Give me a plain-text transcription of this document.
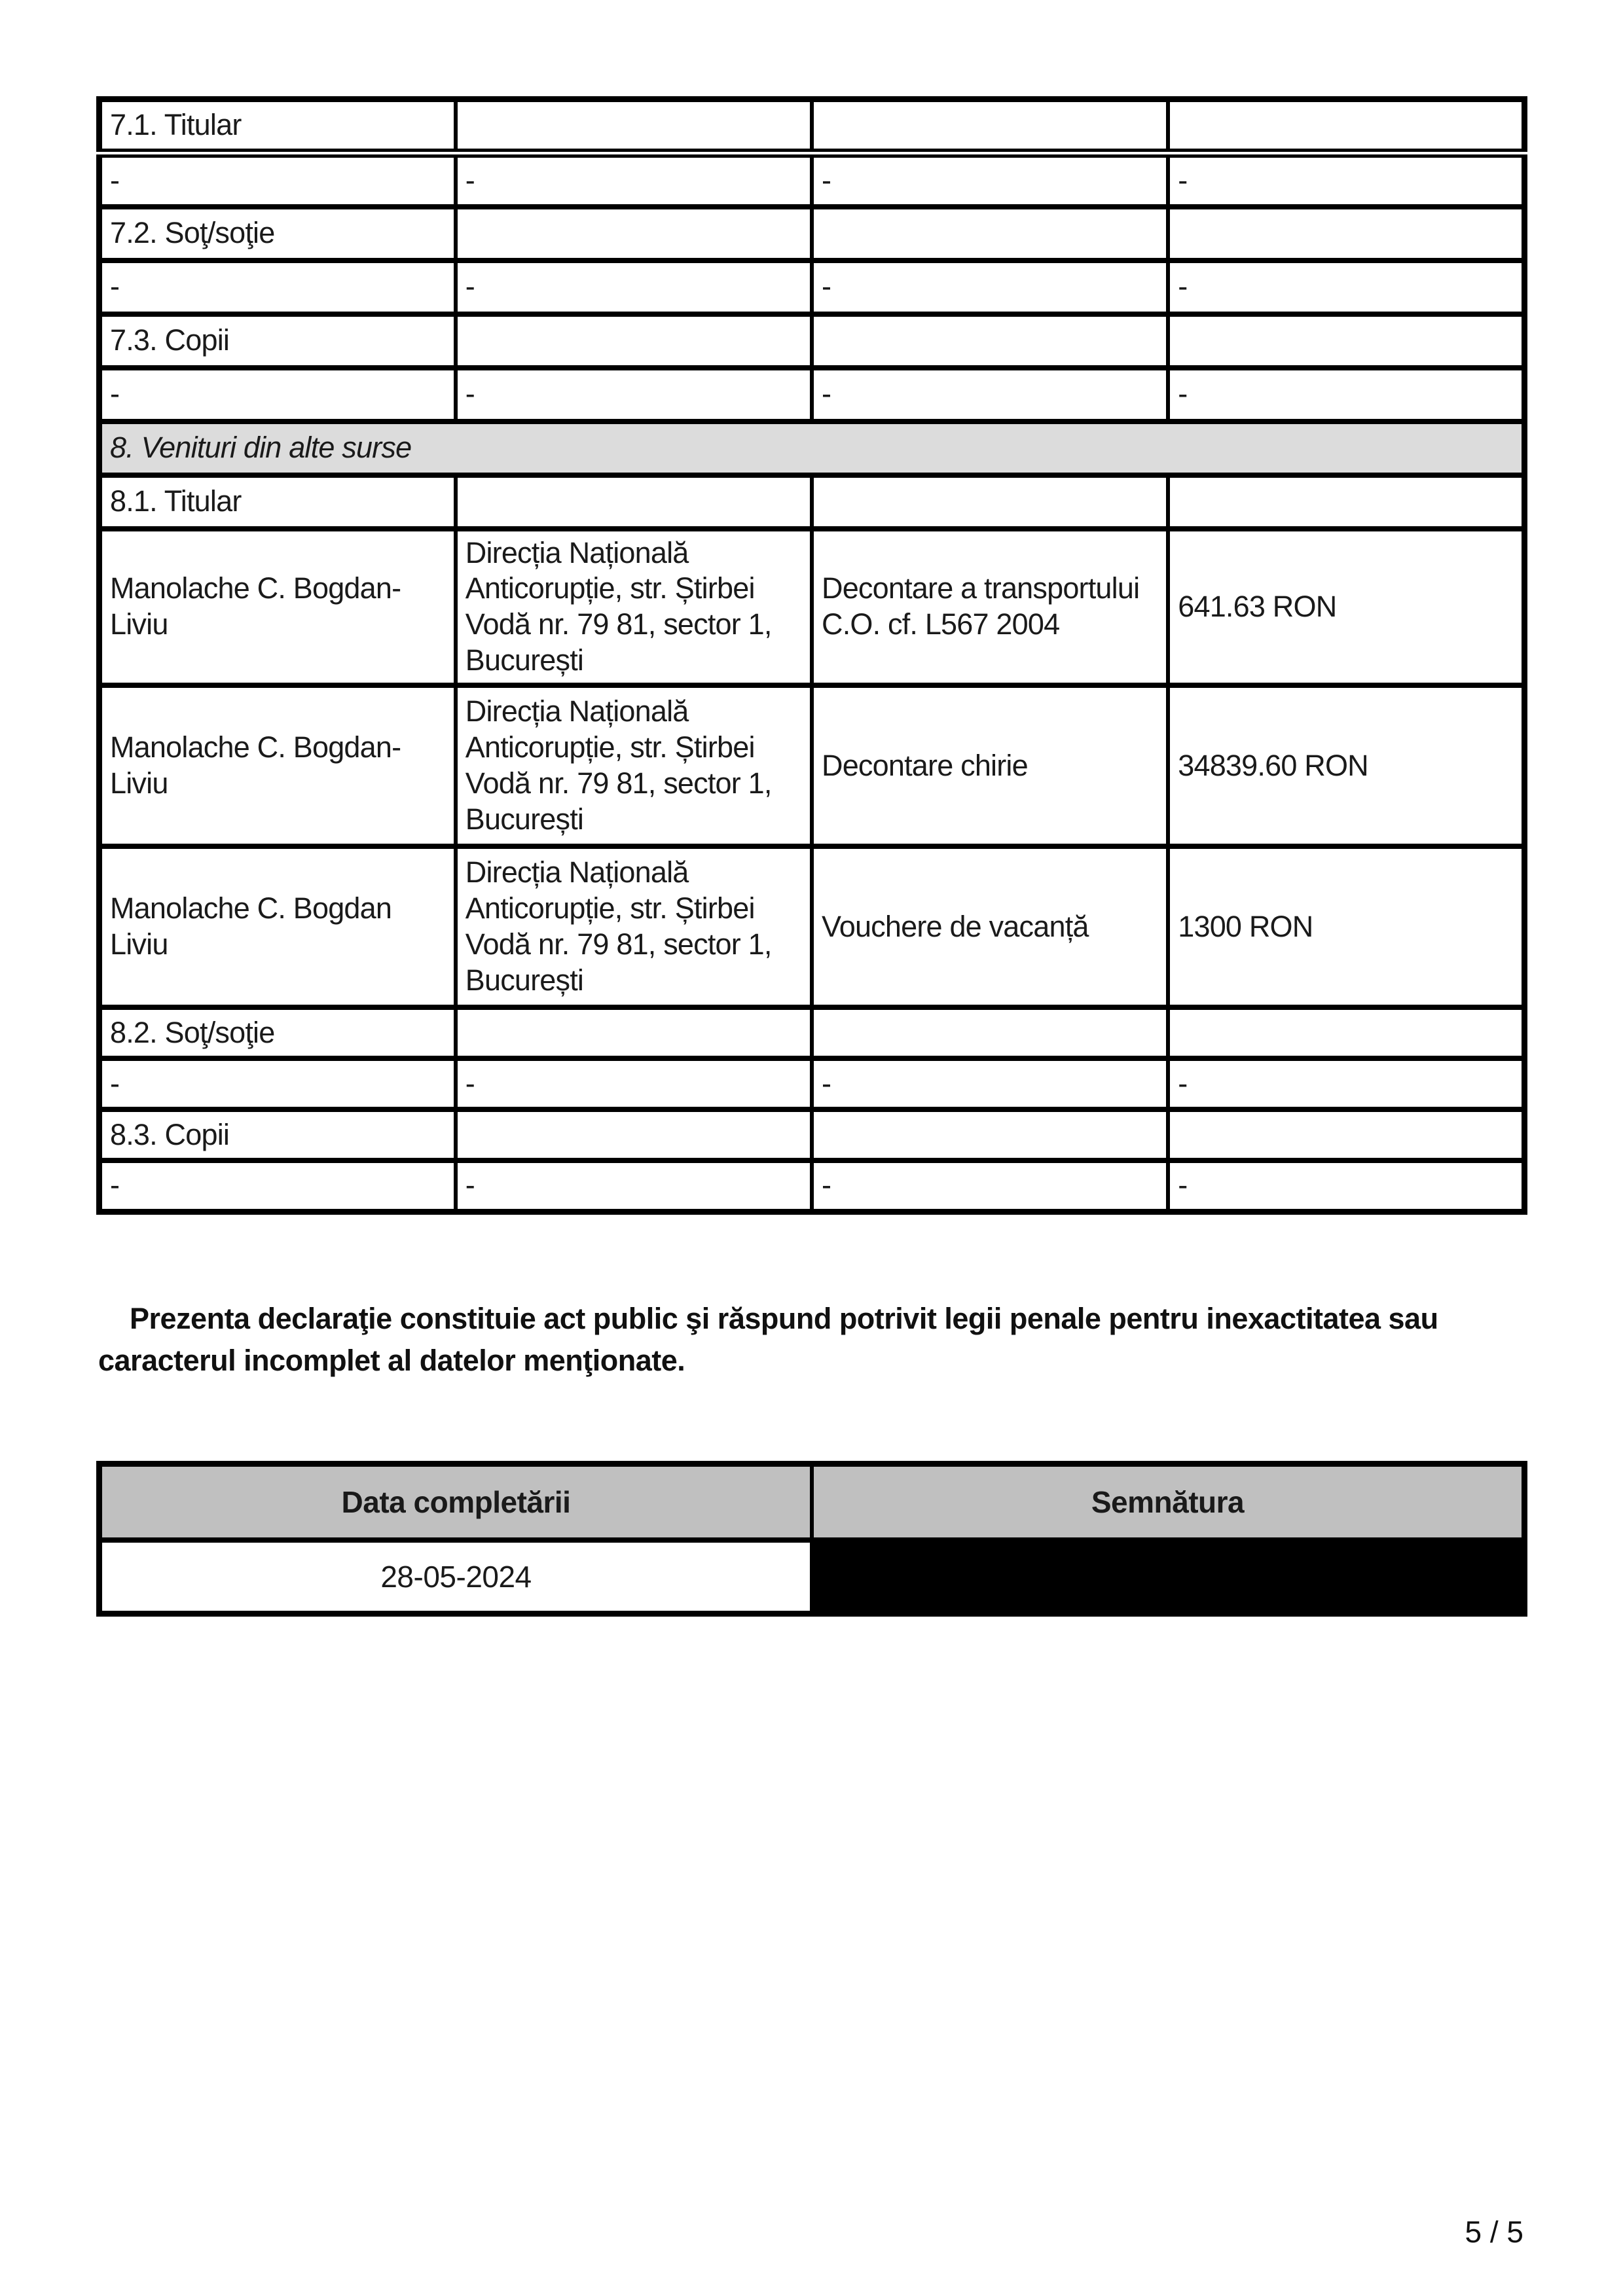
7.1. Titular			
-	-	-	-
7.2. Soţ/soţie			
-	-	-	-
7.3. Copii			
-	-	-	-
8. Venituri din alte surse			
8.1. Titular			
Manolache C. Bogdan-Liviu	Direcția Națională Anticorupție, str. Știrbei Vodă nr. 79 81, sector 1, București	Decontare a transportului C.O. cf. L567 2004	641.63 RON
Manolache C. Bogdan-Liviu	Direcția Națională Anticorupție, str. Știrbei Vodă nr. 79 81, sector 1, București	Decontare chirie	34839.60 RON
Manolache C. Bogdan Liviu	Direcția Națională Anticorupție, str. Știrbei Vodă nr. 79 81, sector 1, București	Vouchere de vacanță	1300 RON
8.2. Soţ/soţie			
-	-	-	-
8.3. Copii			
-	-	-	-

Prezenta declaraţie constituie act public şi răspund potrivit legii penale pentru inexactitatea sau caracterul incomplet al datelor menţionate.

Data completării	Semnătura
28-05-2024	
5 / 5
